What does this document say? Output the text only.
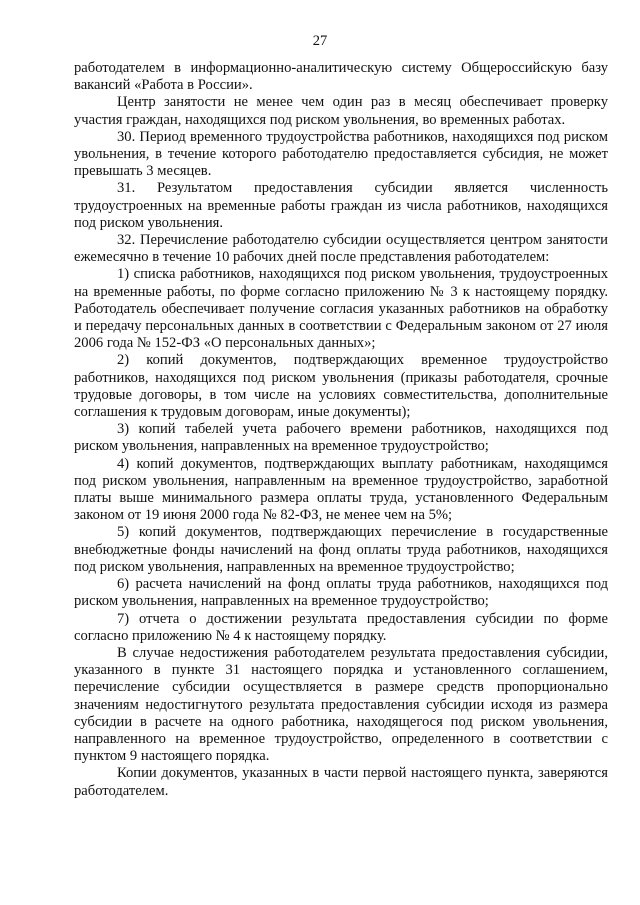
27

работодателем в информационно-аналитическую систему Общероссийскую базу вакансий «Работа в России».

Центр занятости не менее чем один раз в месяц обеспечивает проверку участия граждан, находящихся под риском увольнения, во временных работах.

30. Период временного трудоустройства работников, находящихся под риском увольнения, в течение которого работодателю предоставляется субсидия, не может превышать 3 месяцев.

31. Результатом предоставления субсидии является численность трудоустроенных на временные работы граждан из числа работников, находящихся под риском увольнения.

32. Перечисление работодателю субсидии осуществляется центром занятости ежемесячно в течение 10 рабочих дней после представления работодателем:

1) списка работников, находящихся под риском увольнения, трудоустроенных на временные работы, по форме согласно приложению № 3 к настоящему порядку. Работодатель обеспечивает получение согласия указанных работников на обработку и передачу персональных данных в соответствии с Федеральным законом от 27 июля 2006 года № 152-ФЗ «О персональных данных»;

2) копий документов, подтверждающих временное трудоустройство работников, находящихся под риском увольнения (приказы работодателя, срочные трудовые договоры, в том числе на условиях совместительства, дополнительные соглашения к трудовым договорам, иные документы);

3) копий табелей учета рабочего времени работников, находящихся под риском увольнения, направленных на временное трудоустройство;

4) копий документов, подтверждающих выплату работникам, находящимся под риском увольнения, направленным на временное трудоустройство, заработной платы выше минимального размера оплаты труда, установленного Федеральным законом от 19 июня 2000 года № 82-ФЗ, не менее чем на 5%;

5) копий документов, подтверждающих перечисление в государственные внебюджетные фонды начислений на фонд оплаты труда работников, находящихся под риском увольнения, направленных на временное трудоустройство;

6) расчета начислений на фонд оплаты труда работников, находящихся под риском увольнения, направленных на временное трудоустройство;

7) отчета о достижении результата предоставления субсидии по форме согласно приложению № 4 к настоящему порядку.

В случае недостижения работодателем результата предоставления субсидии, указанного в пункте 31 настоящего порядка и установленного соглашением, перечисление субсидии осуществляется в размере средств пропорционально значениям недостигнутого результата предоставления субсидии исходя из размера субсидии в расчете на одного работника, находящегося под риском увольнения, направленного на временное трудоустройство, определенного в соответствии с пунктом 9 настоящего порядка.

Копии документов, указанных в части первой настоящего пункта, заверяются работодателем.
